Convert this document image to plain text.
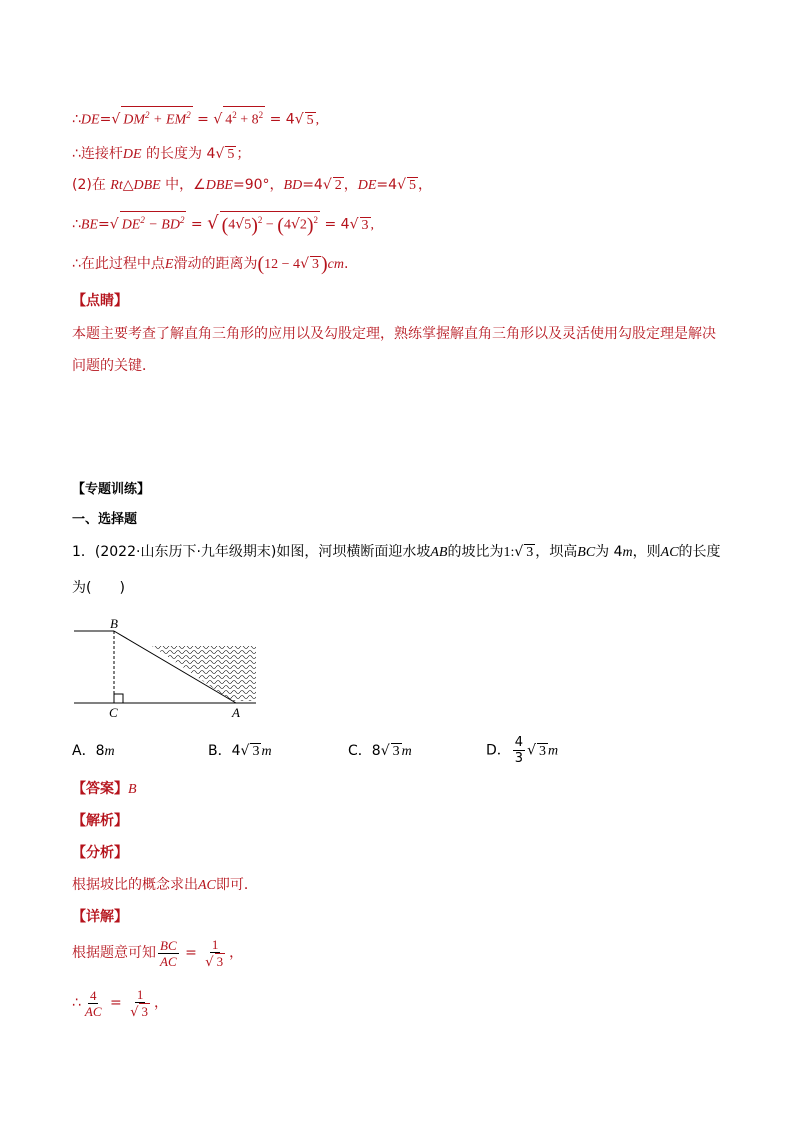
∴DE=√ $DM^2 + EM^2$ = √ $4^2 + 8^2 = 4√$ 5 ,
∴连接杆DE 的长度为 4√ 5 ；
(2)在 Rt△DBE 中，∠DBE=90°，BD=4√ 2 ，DE=4√ 5 ，
∴BE=√ $DE^2 - BD^2$ = √ $(4√5)^2 - (4√2)^2 = 4√$ 3 ,
∴在此过程中点E滑动的距离为(12 − 4√ 3 )cm.
【点睛】
本题主要考查了解直角三角形的应用以及勾股定理，熟练掌握解直角三角形以及灵活使用勾股定理是解决
问题的关键．
【专题训练】
一、选择题
1．(2022·山东历下·九年级期末)如图，河坝横断面迎水坡AB的坡比为1:√ 3 ，坝高BC为 4m，则AC的长度
为(　　)
B
C	A
A．8m	B．4√ 3 m	C．8√ 3 m	D． $\frac{4}{3}$ √ 3 m
【答案】B
【解析】
【分析】
根据坡比的概念求出AC即可．
【详解】
根据题意可知 $\frac{BC}{AC} = \frac{1}{√ 3}$ ，
∴ $\frac{4}{AC} = \frac{1}{√ 3}$ ，
